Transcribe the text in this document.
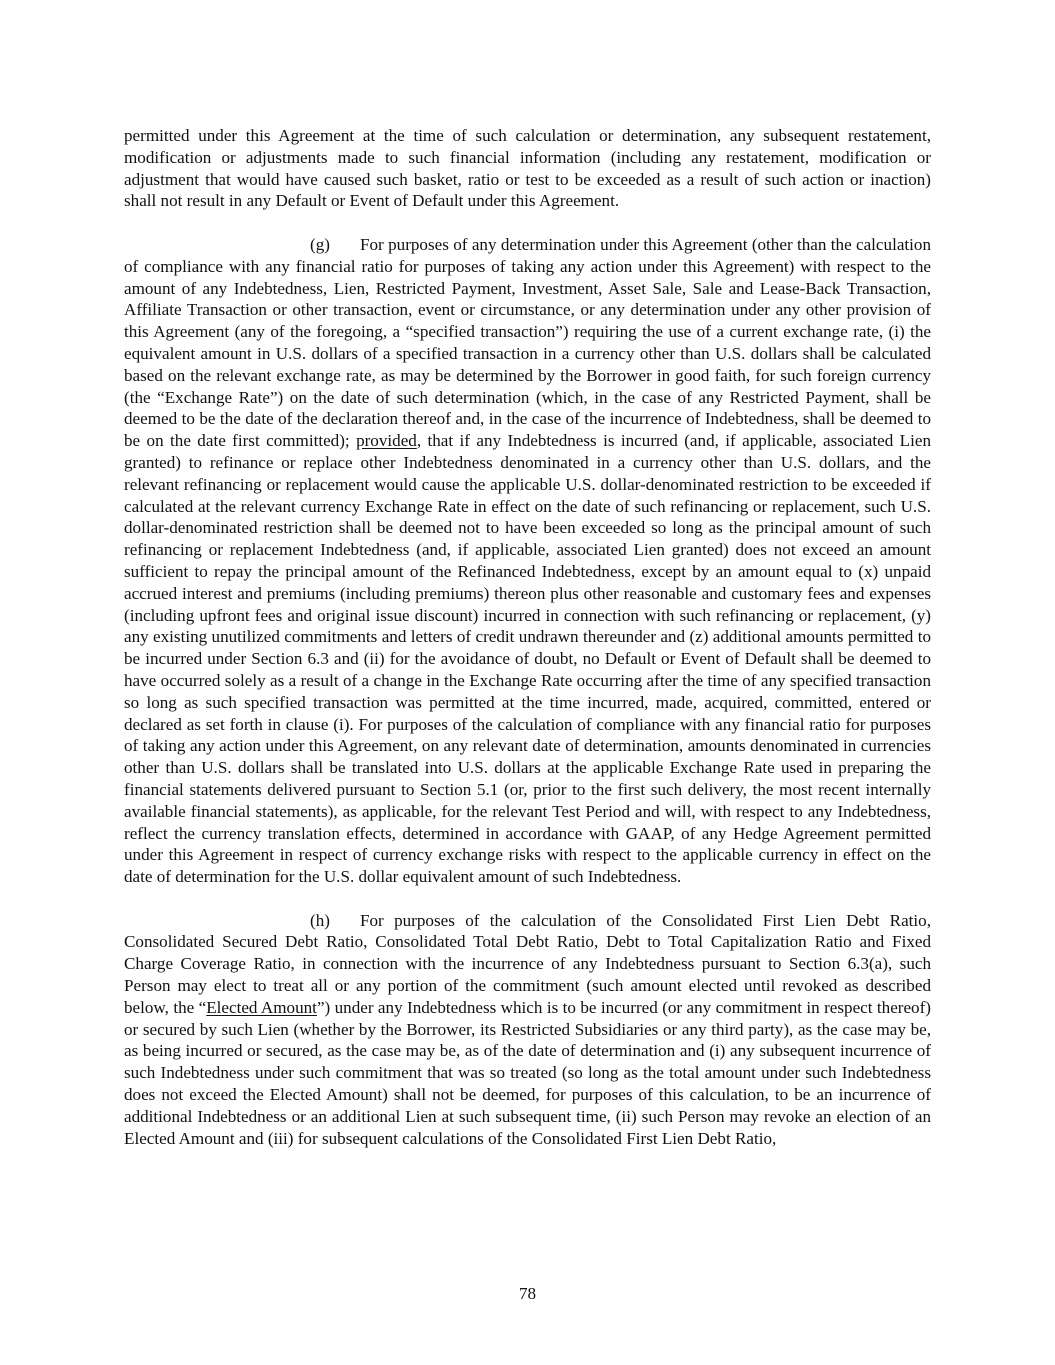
permitted under this Agreement at the time of such calculation or determination, any subsequent restatement, modification or adjustments made to such financial information (including any restatement, modification or adjustment that would have caused such basket, ratio or test to be exceeded as a result of such action or inaction) shall not result in any Default or Event of Default under this Agreement.

(g) For purposes of any determination under this Agreement (other than the calculation of compliance with any financial ratio for purposes of taking any action under this Agreement) with respect to the amount of any Indebtedness, Lien, Restricted Payment, Investment, Asset Sale, Sale and Lease-Back Transaction, Affiliate Transaction or other transaction, event or circumstance, or any determination under any other provision of this Agreement (any of the foregoing, a “specified transaction”) requiring the use of a current exchange rate, (i) the equivalent amount in U.S. dollars of a specified transaction in a currency other than U.S. dollars shall be calculated based on the relevant exchange rate, as may be determined by the Borrower in good faith, for such foreign currency (the “Exchange Rate”) on the date of such determination (which, in the case of any Restricted Payment, shall be deemed to be the date of the declaration thereof and, in the case of the incurrence of Indebtedness, shall be deemed to be on the date first committed); provided, that if any Indebtedness is incurred (and, if applicable, associated Lien granted) to refinance or replace other Indebtedness denominated in a currency other than U.S. dollars, and the relevant refinancing or replacement would cause the applicable U.S. dollar-denominated restriction to be exceeded if calculated at the relevant currency Exchange Rate in effect on the date of such refinancing or replacement, such U.S. dollar-denominated restriction shall be deemed not to have been exceeded so long as the principal amount of such refinancing or replacement Indebtedness (and, if applicable, associated Lien granted) does not exceed an amount sufficient to repay the principal amount of the Refinanced Indebtedness, except by an amount equal to (x) unpaid accrued interest and premiums (including premiums) thereon plus other reasonable and customary fees and expenses (including upfront fees and original issue discount) incurred in connection with such refinancing or replacement, (y) any existing unutilized commitments and letters of credit undrawn thereunder and (z) additional amounts permitted to be incurred under Section 6.3 and (ii) for the avoidance of doubt, no Default or Event of Default shall be deemed to have occurred solely as a result of a change in the Exchange Rate occurring after the time of any specified transaction so long as such specified transaction was permitted at the time incurred, made, acquired, committed, entered or declared as set forth in clause (i). For purposes of the calculation of compliance with any financial ratio for purposes of taking any action under this Agreement, on any relevant date of determination, amounts denominated in currencies other than U.S. dollars shall be translated into U.S. dollars at the applicable Exchange Rate used in preparing the financial statements delivered pursuant to Section 5.1 (or, prior to the first such delivery, the most recent internally available financial statements), as applicable, for the relevant Test Period and will, with respect to any Indebtedness, reflect the currency translation effects, determined in accordance with GAAP, of any Hedge Agreement permitted under this Agreement in respect of currency exchange risks with respect to the applicable currency in effect on the date of determination for the U.S. dollar equivalent amount of such Indebtedness.

(h) For purposes of the calculation of the Consolidated First Lien Debt Ratio, Consolidated Secured Debt Ratio, Consolidated Total Debt Ratio, Debt to Total Capitalization Ratio and Fixed Charge Coverage Ratio, in connection with the incurrence of any Indebtedness pursuant to Section 6.3(a), such Person may elect to treat all or any portion of the commitment (such amount elected until revoked as described below, the “Elected Amount”) under any Indebtedness which is to be incurred (or any commitment in respect thereof) or secured by such Lien (whether by the Borrower, its Restricted Subsidiaries or any third party), as the case may be, as being incurred or secured, as the case may be, as of the date of determination and (i) any subsequent incurrence of such Indebtedness under such commitment that was so treated (so long as the total amount under such Indebtedness does not exceed the Elected Amount) shall not be deemed, for purposes of this calculation, to be an incurrence of additional Indebtedness or an additional Lien at such subsequent time, (ii) such Person may revoke an election of an Elected Amount and (iii) for subsequent calculations of the Consolidated First Lien Debt Ratio,

78
